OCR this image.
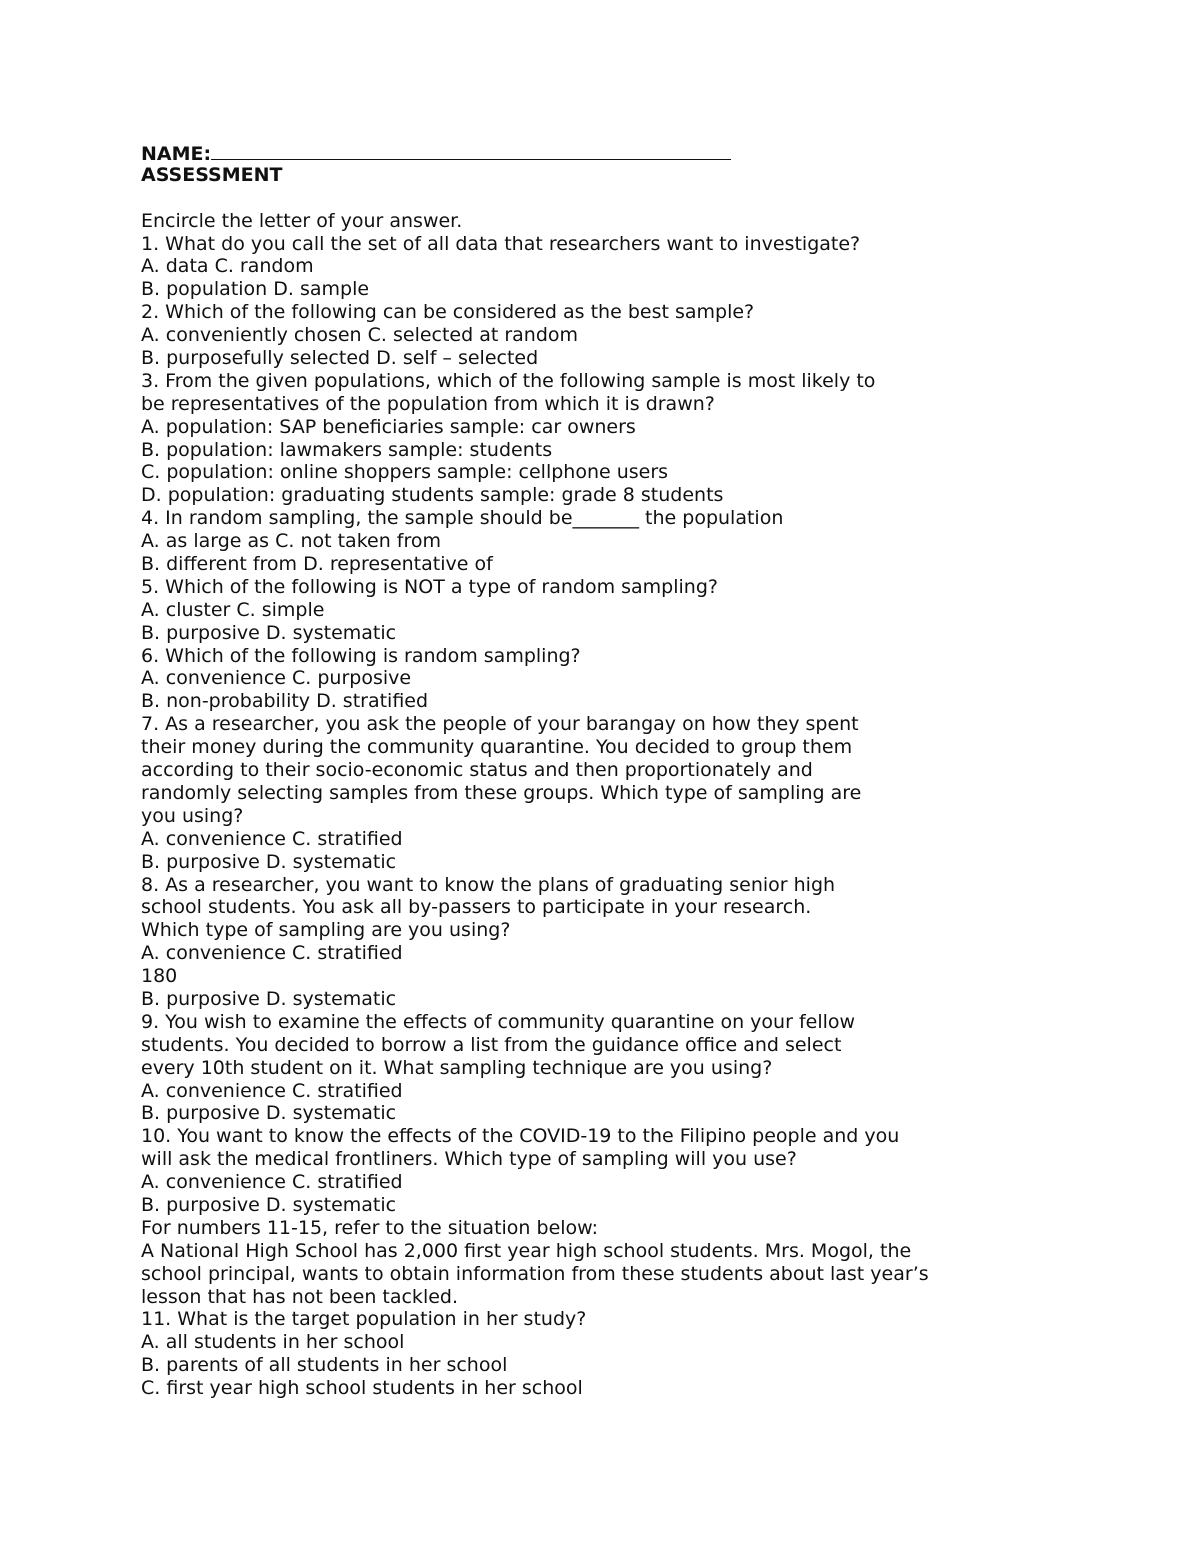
NAME:
ASSESSMENT
Encircle the letter of your answer.
1. What do you call the set of all data that researchers want to investigate?
A. data C. random
B. population D. sample
2. Which of the following can be considered as the best sample?
A. conveniently chosen C. selected at random
B. purposefully selected D. self – selected
3. From the given populations, which of the following sample is most likely to
be representatives of the population from which it is drawn?
A. population: SAP beneficiaries sample: car owners
B. population: lawmakers sample: students
C. population: online shoppers sample: cellphone users
D. population: graduating students sample: grade 8 students
4. In random sampling, the sample should be_______ the population
A. as large as C. not taken from
B. different from D. representative of
5. Which of the following is NOT a type of random sampling?
A. cluster C. simple
B. purposive D. systematic
6. Which of the following is random sampling?
A. convenience C. purposive
B. non-probability D. stratified
7. As a researcher, you ask the people of your barangay on how they spent
their money during the community quarantine. You decided to group them
according to their socio-economic status and then proportionately and
randomly selecting samples from these groups. Which type of sampling are
you using?
A. convenience C. stratified
B. purposive D. systematic
8. As a researcher, you want to know the plans of graduating senior high
school students. You ask all by-passers to participate in your research.
Which type of sampling are you using?
A. convenience C. stratified
180
B. purposive D. systematic
9. You wish to examine the effects of community quarantine on your fellow
students. You decided to borrow a list from the guidance office and select
every 10th student on it. What sampling technique are you using?
A. convenience C. stratified
B. purposive D. systematic
10. You want to know the effects of the COVID-19 to the Filipino people and you
will ask the medical frontliners. Which type of sampling will you use?
A. convenience C. stratified
B. purposive D. systematic
For numbers 11-15, refer to the situation below:
A National High School has 2,000 first year high school students. Mrs. Mogol, the
school principal, wants to obtain information from these students about last year’s
lesson that has not been tackled.
11. What is the target population in her study?
A. all students in her school
B. parents of all students in her school
C. first year high school students in her school
